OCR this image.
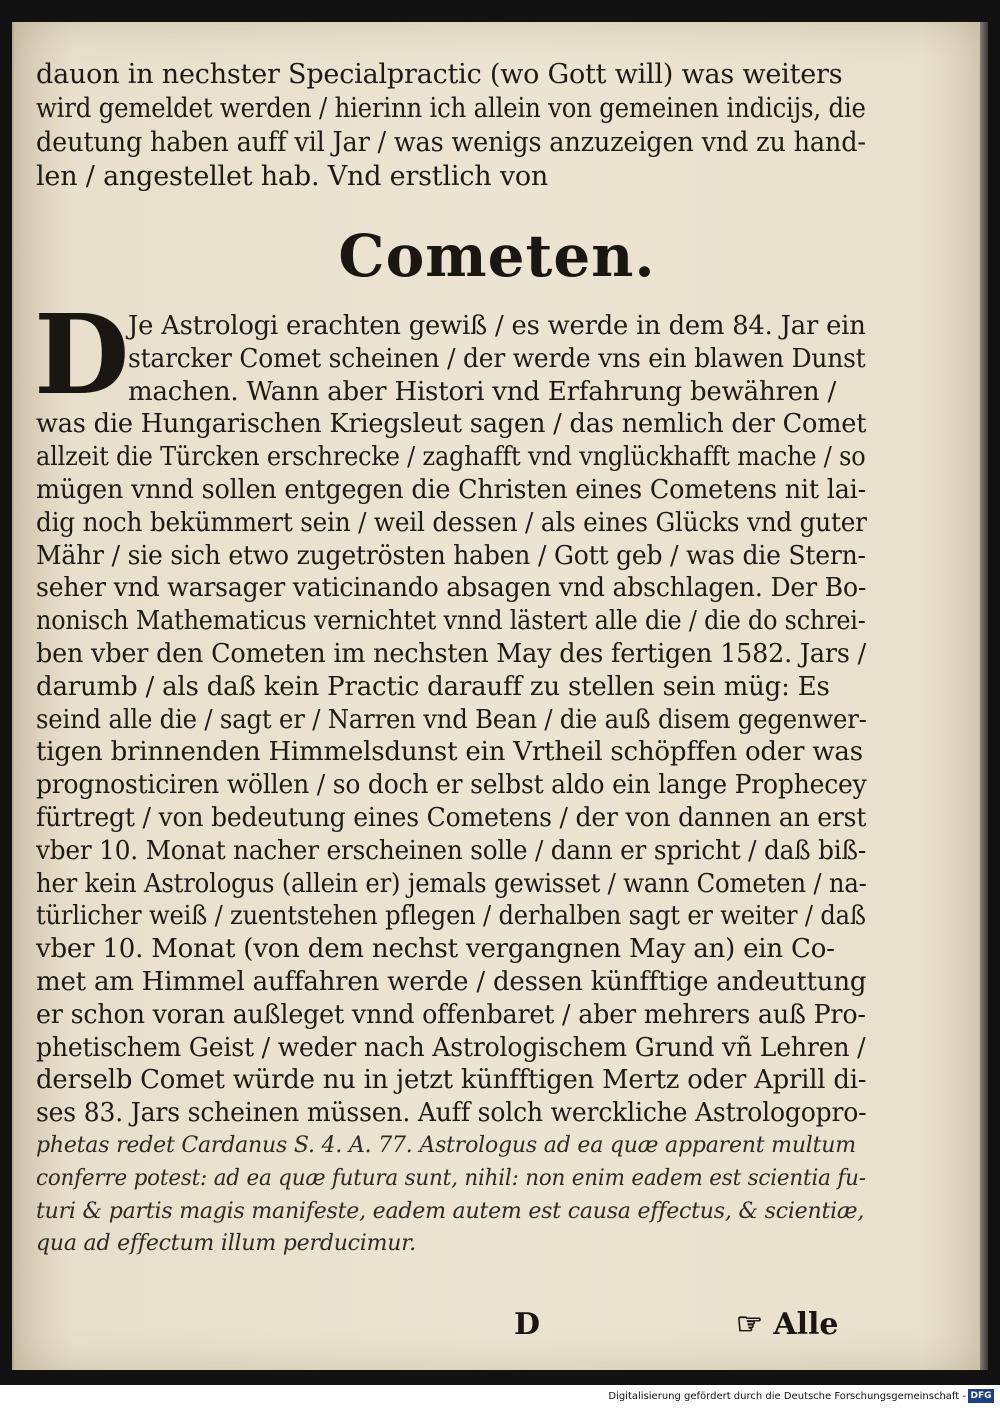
dauon in nechster Specialpractic (wo Gott will) was weiters
wird gemeldet werden / hierinn ich allein von gemeinen indicijs, die
deutung haben auff vil Jar / was wenigs anzuzeigen vnd zu hand-
len / angestellet hab. Vnd erstlich von
Cometen.
D
Je Astrologi erachten gewiß / es werde in dem 84. Jar ein
starcker Comet scheinen / der werde vns ein blawen Dunst
machen. Wann aber Histori vnd Erfahrung bewähren /
was die Hungarischen Kriegsleut sagen / das nemlich der Comet
allzeit die Türcken erschrecke / zaghafft vnd vnglückhafft mache / so
mügen vnnd sollen entgegen die Christen eines Cometens nit lai-
dig noch bekümmert sein / weil dessen / als eines Glücks vnd guter
Mähr / sie sich etwo zugetrösten haben / Gott geb / was die Stern-
seher vnd warsager vaticinando absagen vnd abschlagen. Der Bo-
nonisch Mathematicus vernichtet vnnd lästert alle die / die do schrei-
ben vber den Cometen im nechsten May des fertigen 1582. Jars /
darumb / als daß kein Practic darauff zu stellen sein müg: Es
seind alle die / sagt er / Narren vnd Bean / die auß disem gegenwer-
tigen brinnenden Himmelsdunst ein Vrtheil schöpffen oder was
prognosticiren wöllen / so doch er selbst aldo ein lange Prophecey
fürtregt / von bedeutung eines Cometens / der von dannen an erst
vber 10. Monat nacher erscheinen solle / dann er spricht / daß biß-
her kein Astrologus (allein er) jemals gewisset / wann Cometen / na-
türlicher weiß / zuentstehen pflegen / derhalben sagt er weiter / daß
vber 10. Monat (von dem nechst vergangnen May an) ein Co-
met am Himmel auffahren werde / dessen künfftige andeuttung
er schon voran außleget vnnd offenbaret / aber mehrers auß Pro-
phetischem Geist / weder nach Astrologischem Grund vñ Lehren /
derselb Comet würde nu in jetzt künfftigen Mertz oder Aprill di-
ses 83. Jars scheinen müssen. Auff solch werckliche Astrologopro-
phetas redet Cardanus S. 4. A. 77. Astrologus ad ea quæ apparent multum
conferre potest: ad ea quæ futura sunt, nihil: non enim eadem est scientia fu-
turi & partis magis manifeste, eadem autem est causa effectus, & scientiæ,
qua ad effectum illum perducimur.
D	☞ Alle
Digitalisierung gefördert durch die Deutsche Forschungsgemeinschaft - DFG
